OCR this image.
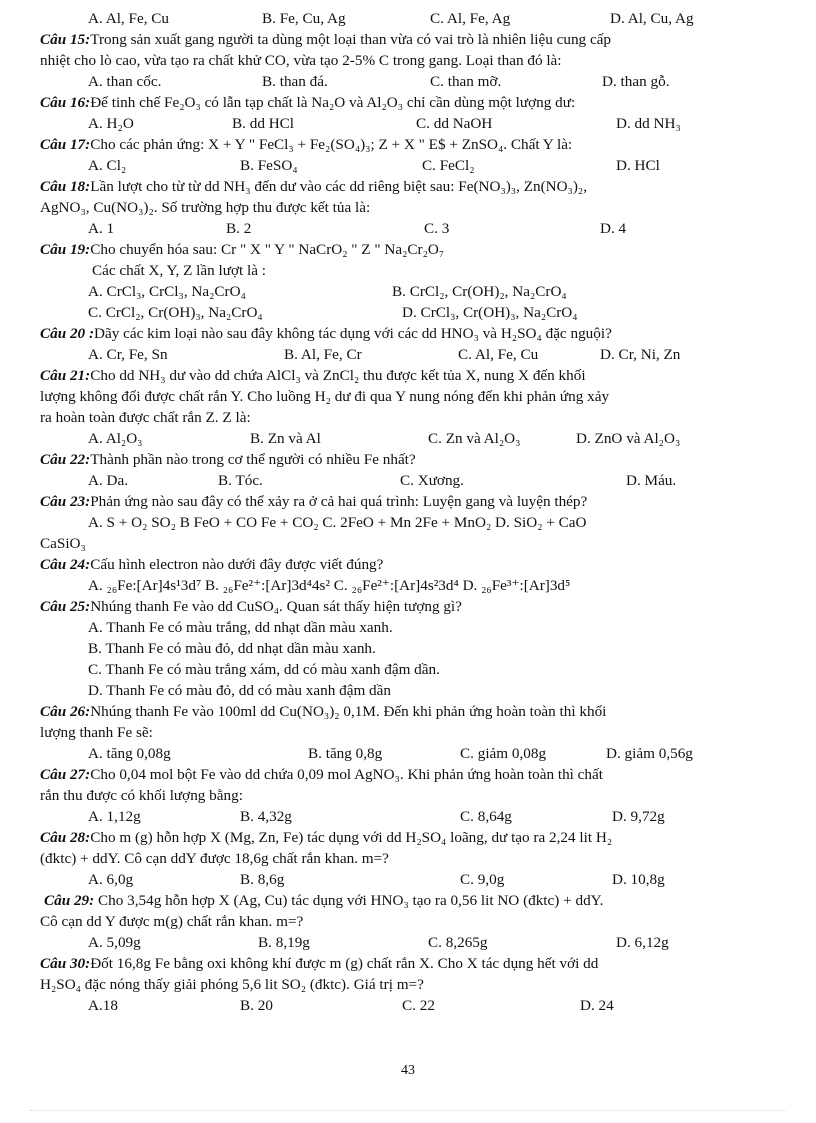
A. Al, Fe, Cu	B. Fe, Cu, Ag	C. Al, Fe, Ag	D. Al, Cu, Ag
Câu 15:Trong sản xuất gang người ta dùng một loại than vừa có vai trò là nhiên liệu cung cấp
nhiệt cho lò cao, vừa tạo ra chất khử CO, vừa tạo 2-5% C trong gang. Loại than đó là:
A. than cốc.	B. than đá.	C. than mỡ.	D. than gỗ.
Câu 16:Để tinh chế Fe₂O₃ có lẫn tạp chất là Na₂O và Al₂O₃ chỉ cần dùng một lượng dư:
A. H₂O	B. dd HCl	C. dd NaOH	D. dd NH₃
Câu 17:Cho các phản ứng: X + Y " FeCl₃ + Fe₂(SO₄)₃; Z + X " E$ + ZnSO₄. Chất Y là:
A. Cl₂	B. FeSO₄	C. FeCl₂	D. HCl
Câu 18:Lần lượt cho từ từ dd NH₃ đến dư vào các dd riêng biệt sau: Fe(NO₃)₃, Zn(NO₃)₂,
AgNO₃, Cu(NO₃)₂. Số trường hợp thu được kết tủa là:
A. 1	B. 2	C. 3	D. 4
Câu 19:Cho chuyển hóa sau: Cr " X " Y " NaCrO₂ " Z " Na₂Cr₂O₇
Các chất X, Y, Z lần lượt là :
A. CrCl₃, CrCl₃, Na₂CrO₄	B. CrCl₂, Cr(OH)₂, Na₂CrO₄
C. CrCl₂, Cr(OH)₃, Na₂CrO₄	D. CrCl₃, Cr(OH)₃, Na₂CrO₄
Câu 20 :Dãy các kim loại nào sau đây không tác dụng với các dd HNO₃ và H₂SO₄ đặc nguội?
A. Cr, Fe, Sn	B. Al, Fe, Cr	C. Al, Fe, Cu	D. Cr, Ni, Zn
Câu 21:Cho dd NH₃ dư vào dd chứa AlCl₃ và ZnCl₂ thu được kết tủa X, nung X đến khối
lượng không đổi được chất rắn Y. Cho luồng H₂ dư đi qua Y nung nóng đến khi phản ứng xảy
ra hoàn toàn được chất rắn Z. Z là:
A. Al₂O₃	B. Zn và Al	C. Zn và Al₂O₃	D. ZnO và Al₂O₃
Câu 22:Thành phần nào trong cơ thể người có nhiều Fe nhất?
A. Da.	B. Tóc.	C. Xương.	D. Máu.
Câu 23:Phản ứng nào sau đây có thể xảy ra ở cả hai quá trình: Luyện gang và luyện thép?
A. S + O₂ SO₂ B FeO + CO Fe + CO₂ C. 2FeO + Mn 2Fe + MnO₂ D. SiO₂ + CaO
CaSiO₃
Câu 24:Cấu hình electron nào dưới đây được viết đúng?
A. ₂₆Fe:[Ar]4s¹3d⁷ B. ₂₆Fe²⁺:[Ar]3d⁴4s² C. ₂₆Fe²⁺:[Ar]4s²3d⁴ D. ₂₆Fe³⁺:[Ar]3d⁵
Câu 25:Nhúng thanh Fe vào dd CuSO₄. Quan sát thấy hiện tượng gì?
A. Thanh Fe có màu trắng, dd nhạt dần màu xanh.
B. Thanh Fe có màu đỏ, dd nhạt dần màu xanh.
C. Thanh Fe có màu trắng xám, dd có màu xanh đậm dần.
D. Thanh Fe có màu đỏ, dd có màu xanh đậm dần
Câu 26:Nhúng thanh Fe vào 100ml dd Cu(NO₃)₂ 0,1M. Đến khi phản ứng hoàn toàn thì khối
lượng thanh Fe sẽ:
A. tăng 0,08g	B. tăng 0,8g	C. giảm 0,08g	D. giảm 0,56g
Câu 27:Cho 0,04 mol bột Fe vào dd chứa 0,09 mol AgNO₃. Khi phản ứng hoàn toàn thì chất
rắn thu được có khối lượng bằng:
A. 1,12g	B. 4,32g	C. 8,64g	D. 9,72g
Câu 28:Cho m (g) hỗn hợp X (Mg, Zn, Fe) tác dụng với dd H₂SO₄ loãng, dư tạo ra 2,24 lit H₂
(đktc) + ddY. Cô cạn ddY được 18,6g chất rắn khan. m=?
A. 6,0g	B. 8,6g	C. 9,0g	D. 10,8g
Câu 29: Cho 3,54g hỗn hợp X (Ag, Cu) tác dụng với HNO₃ tạo ra 0,56 lit NO (đktc) + ddY.
Cô cạn dd Y được m(g) chất rắn khan. m=?
A. 5,09g	B. 8,19g	C. 8,265g	D. 6,12g
Câu 30:Đốt 16,8g Fe bằng oxi không khí được m (g) chất rắn X. Cho X tác dụng hết với dd
H₂SO₄ đặc nóng thấy giải phóng 5,6 lit SO₂ (đktc). Giá trị m=?
A.18	B. 20	C. 22	D. 24
43
